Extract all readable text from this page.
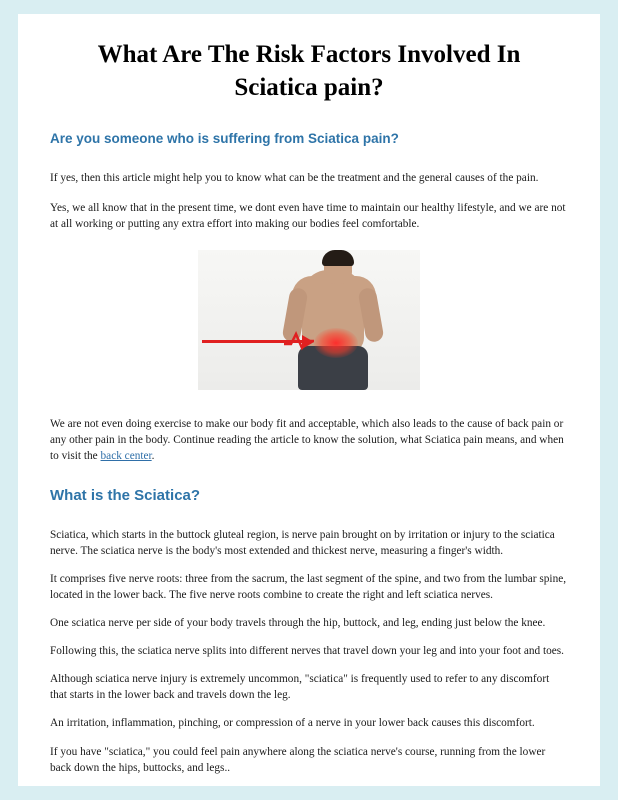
What Are The Risk Factors Involved In Sciatica pain?
Are you someone who is suffering from Sciatica pain?

If yes, then this article might help you to know what can be the treatment and the general causes of the pain.

Yes, we all know that in the present time, we dont even have time to maintain our healthy lifestyle, and we are not at all working or putting any extra effort into making our bodies feel comfortable.

We are not even doing exercise to make our body fit and acceptable, which also leads to the cause of back pain or any other pain in the body. Continue reading the article to know the solution, what Sciatica pain means, and when to visit the back center.

What is the Sciatica?

Sciatica, which starts in the buttock gluteal region, is nerve pain brought on by irritation or injury to the sciatica nerve. The sciatica nerve is the body's most extended and thickest nerve, measuring a finger's width.

It comprises five nerve roots: three from the sacrum, the last segment of the spine, and two from the lumbar spine, located in the lower back. The five nerve roots combine to create the right and left sciatica nerves.

One sciatica nerve per side of your body travels through the hip, buttock, and leg, ending just below the knee.

Following this, the sciatica nerve splits into different nerves that travel down your leg and into your foot and toes.

Although sciatica nerve injury is extremely uncommon, "sciatica" is frequently used to refer to any discomfort that starts in the lower back and travels down the leg.

An irritation, inflammation, pinching, or compression of a nerve in your lower back causes this discomfort.

If you have "sciatica," you could feel pain anywhere along the sciatica nerve's course, running from the lower back down the hips, buttocks, and legs..
